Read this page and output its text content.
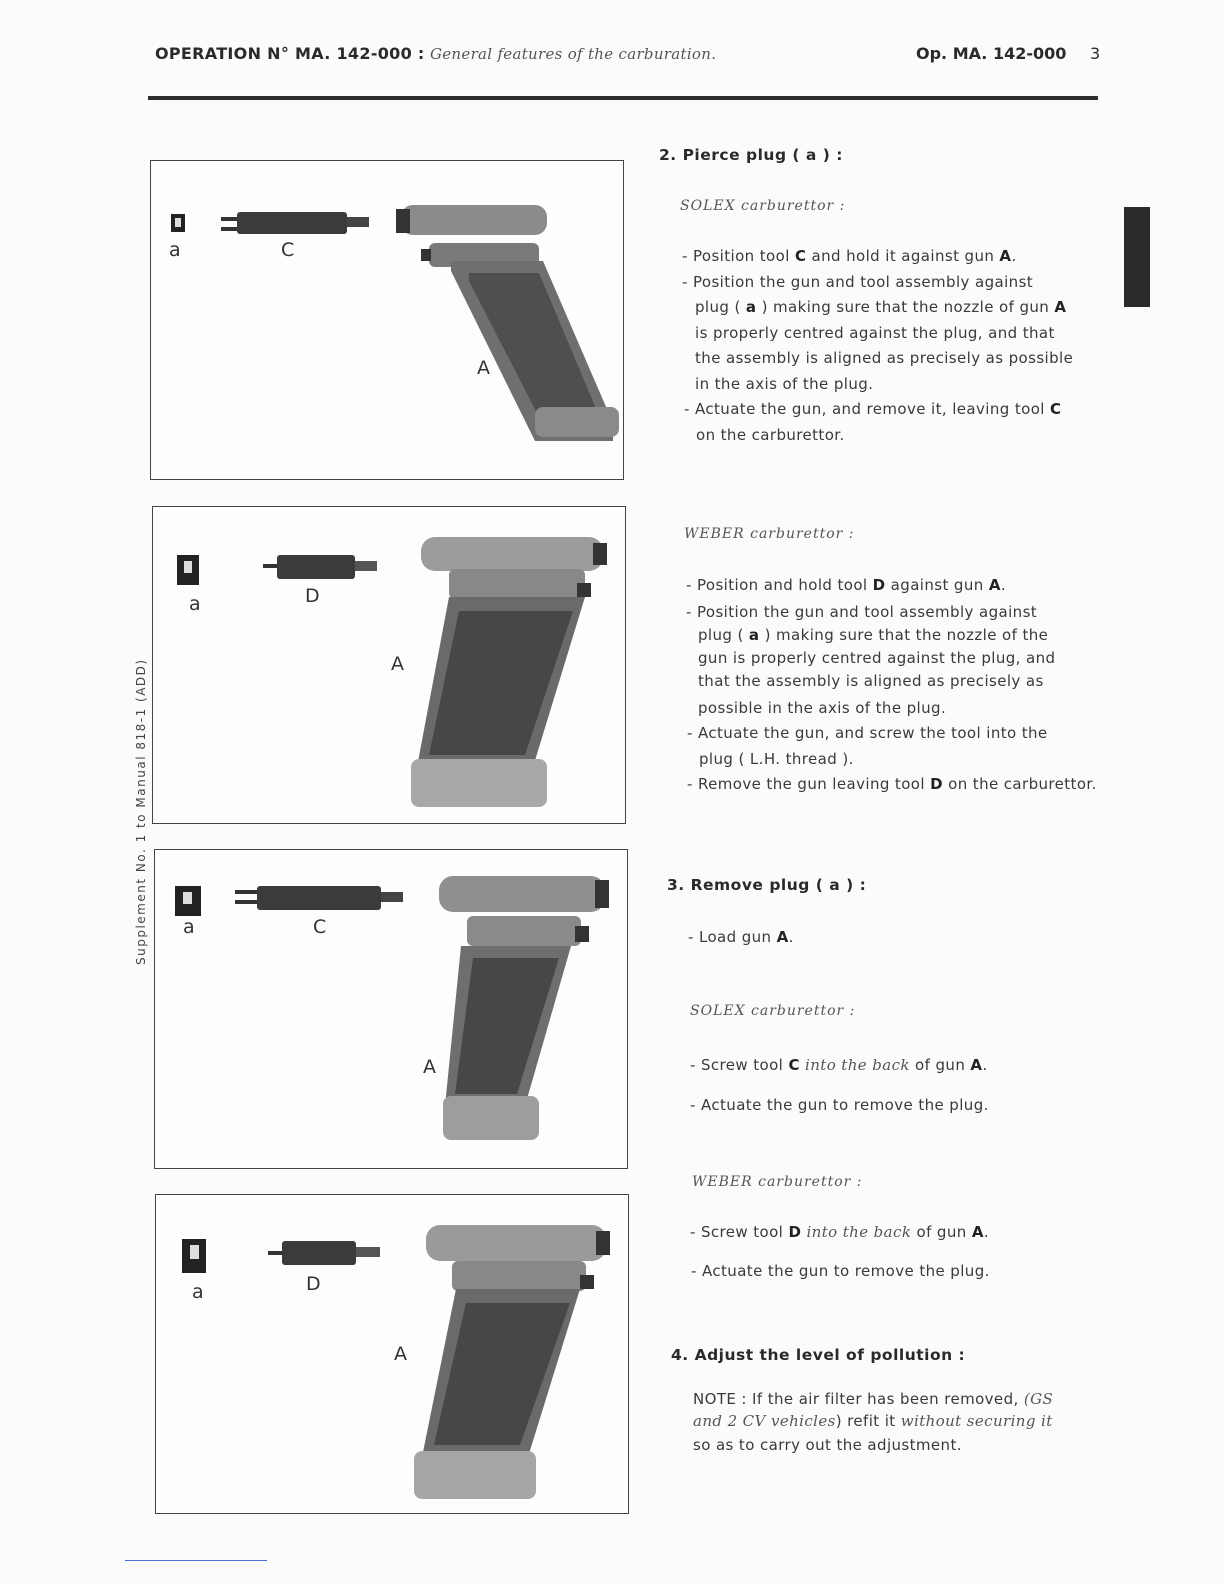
OPERATION N° MA. 142-000 : General features of the carburation.	Op. MA. 142-000 3
Supplement No. 1 to Manual 818-1 (ADD)
a	C
A
a	D
A
a	C
A
a	D
A
2. Pierce plug ( a ) :
SOLEX carburettor :
- Position tool C and hold it against gun A.
- Position the gun and tool assembly against
plug ( a ) making sure that the nozzle of gun A
is properly centred against the plug, and that
the assembly is aligned as precisely as possible
in the axis of the plug.
- Actuate the gun, and remove it, leaving tool C
on the carburettor.
WEBER carburettor :
- Position and hold tool D against gun A.
- Position the gun and tool assembly against
plug ( a ) making sure that the nozzle of the
gun is properly centred against the plug, and
that the assembly is aligned as precisely as
possible in the axis of the plug.
- Actuate the gun, and screw the tool into the
plug ( L.H. thread ).
- Remove the gun leaving tool D on the carburettor.
3. Remove plug ( a ) :
- Load gun A.
SOLEX carburettor :
- Screw tool C into the back of gun A.
- Actuate the gun to remove the plug.
WEBER carburettor :
- Screw tool D into the back of gun A.
- Actuate the gun to remove the plug.
4. Adjust the level of pollution :
NOTE : If the air filter has been removed, (GS
and 2 CV vehicles) refit it without securing it
so as to carry out the adjustment.
